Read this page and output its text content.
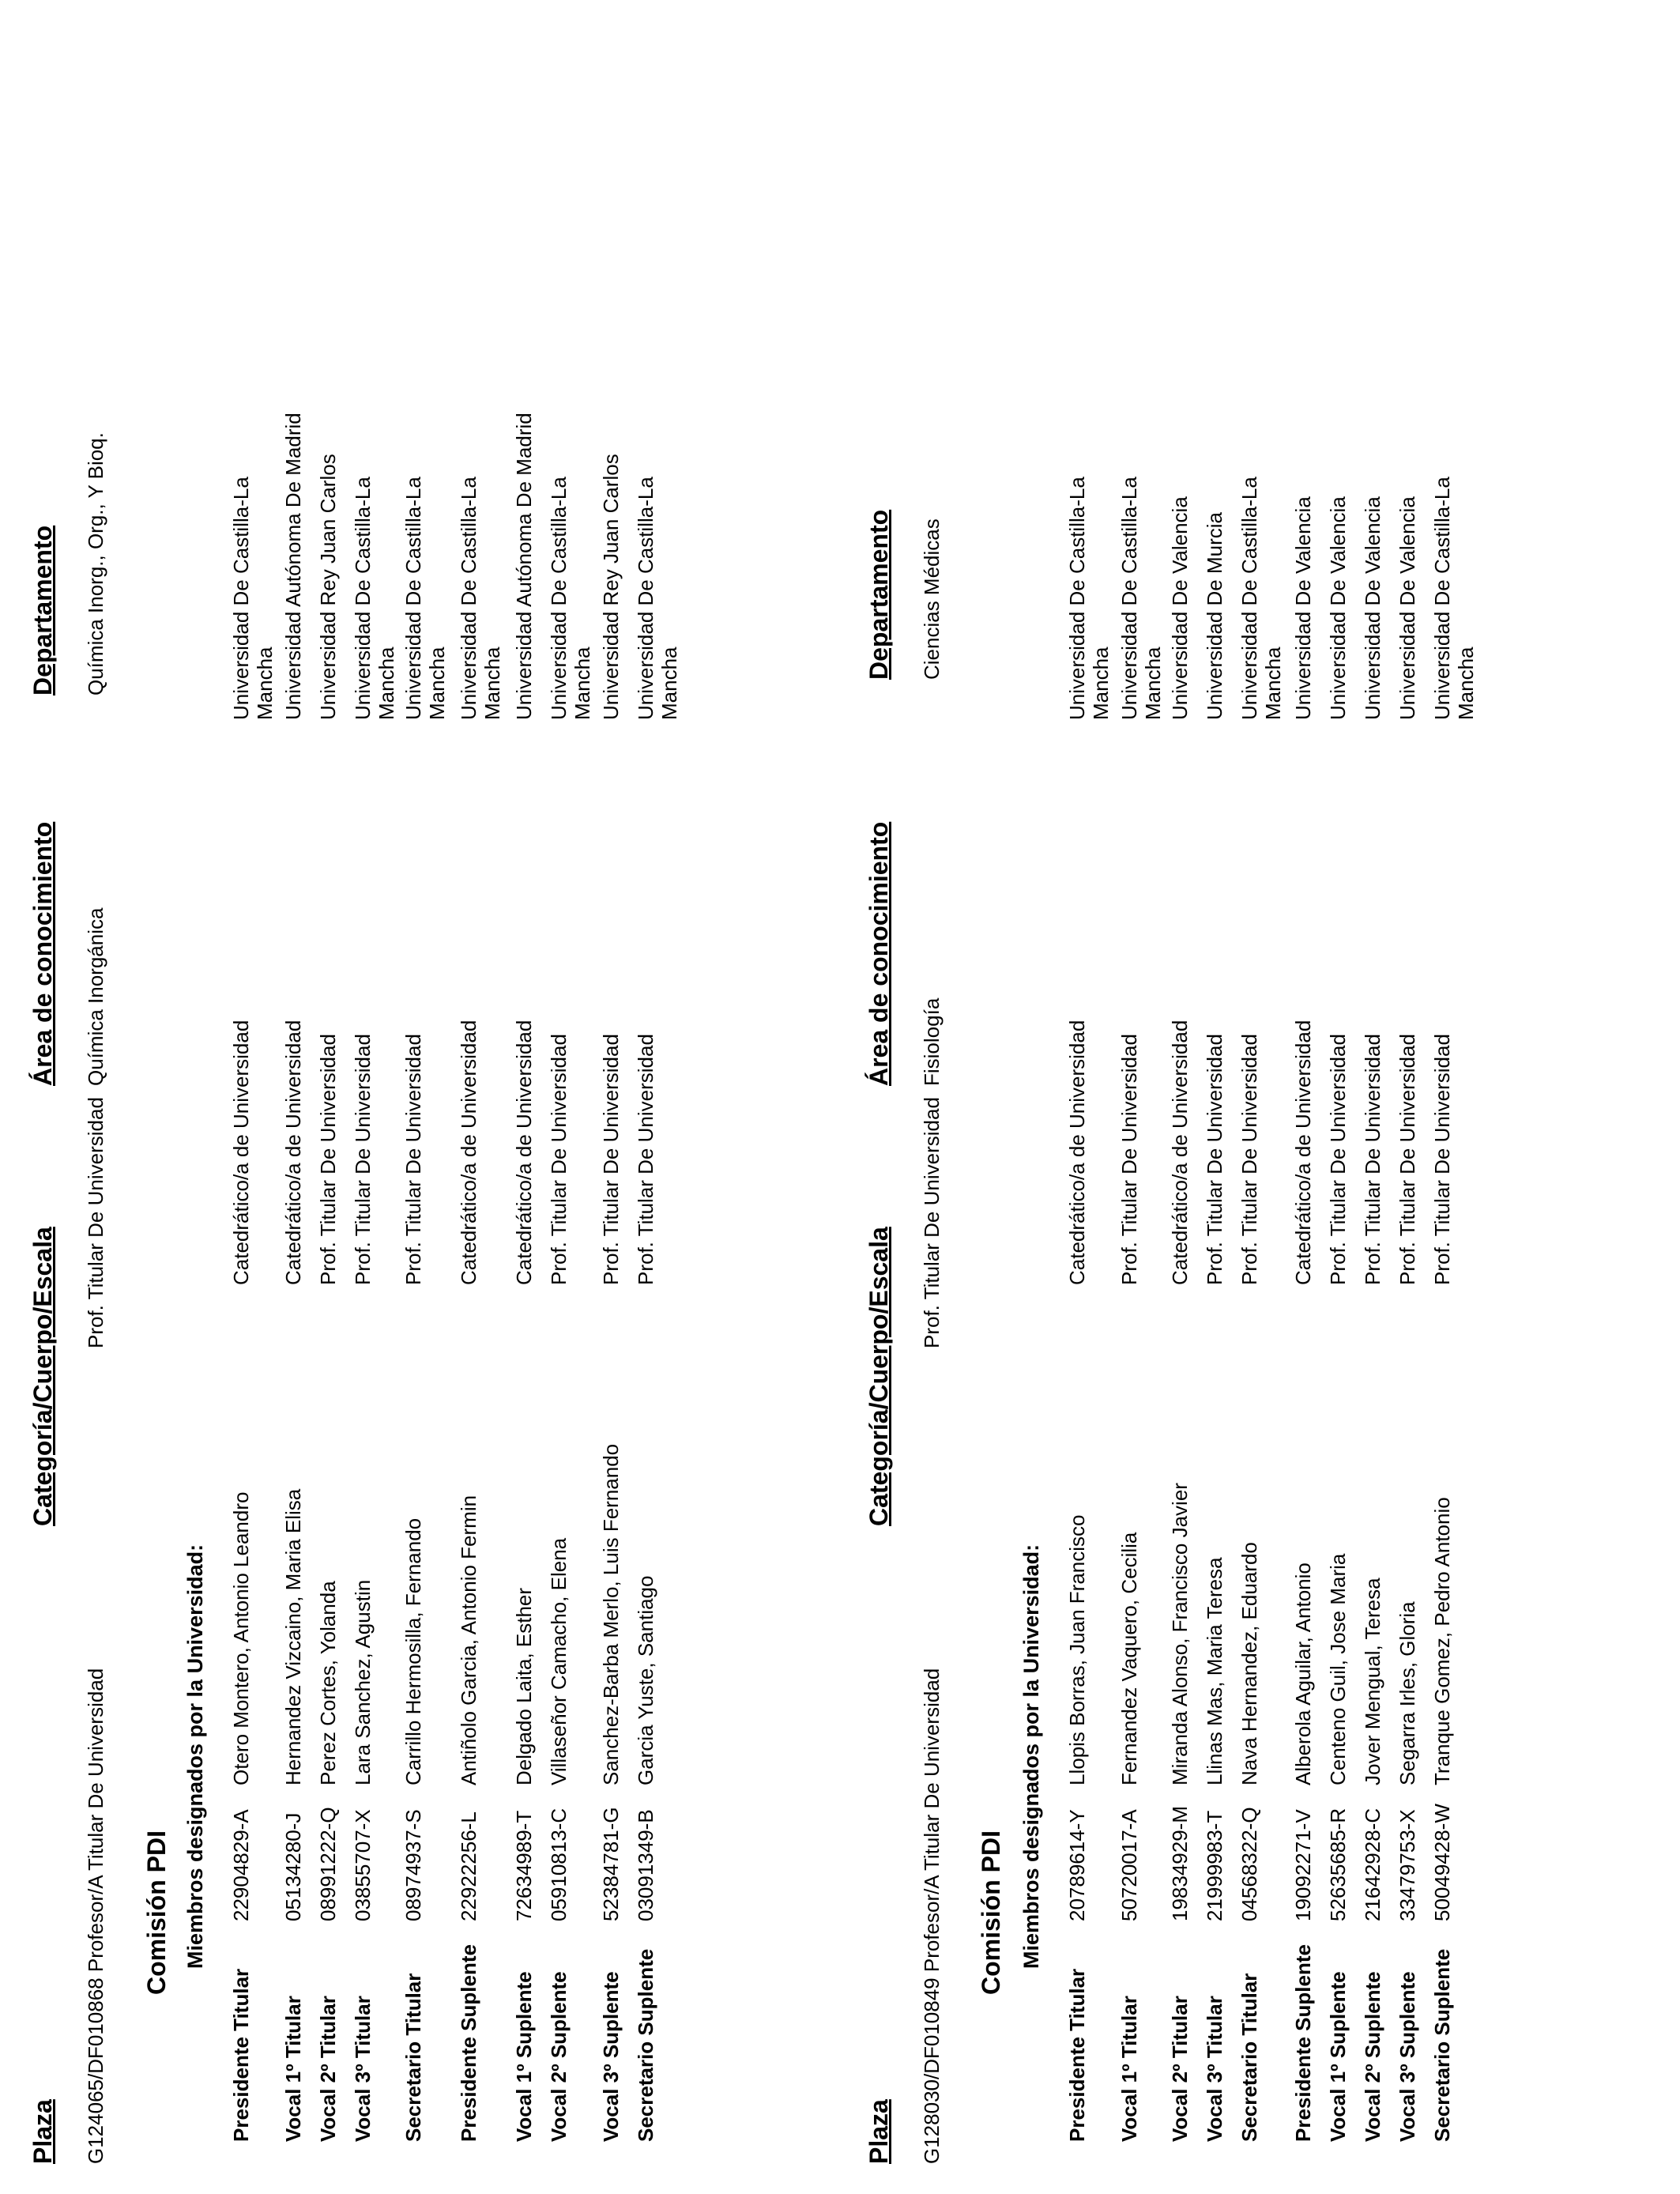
Plaza
Categoría/Cuerpo/Escala
Área de conocimiento
Departamento
G124065/DF010868 Profesor/A Titular De Universidad
Prof. Titular De Universidad
Química Inorgánica
Química Inorg., Org., Y Bioq.
Comisión PDI Miembros designados por la Universidad:
Presidente Titular
22904829-A
Otero Montero, Antonio Leandro
Catedrático/a de Universidad
Universidad De Castilla-La Mancha
Vocal 1º Titular
05134280-J
Hernandez Vizcaino, Maria Elisa
Catedrático/a de Universidad
Universidad Autónoma De Madrid
Vocal 2º Titular
08991222-Q
Perez Cortes, Yolanda
Prof. Titular De Universidad
Universidad Rey Juan Carlos
Vocal 3º Titular
03855707-X
Lara Sanchez, Agustin
Prof. Titular De Universidad
Universidad De Castilla-La Mancha
Secretario Titular
08974937-S
Carrillo Hermosilla, Fernando
Prof. Titular De Universidad
Universidad De Castilla-La Mancha
Presidente Suplente
22922256-L
Antiñolo Garcia, Antonio Fermin
Catedrático/a de Universidad
Universidad De Castilla-La Mancha
Vocal 1º Suplente
72634989-T
Delgado Laita, Esther
Catedrático/a de Universidad
Universidad Autónoma De Madrid
Vocal 2º Suplente
05910813-C
Villaseñor Camacho, Elena
Prof. Titular De Universidad
Universidad De Castilla-La Mancha
Vocal 3º Suplente
52384781-G
Sanchez-Barba Merlo, Luis Fernando
Prof. Titular De Universidad
Universidad Rey Juan Carlos
Secretario Suplente
03091349-B
Garcia Yuste, Santiago
Prof. Titular De Universidad
Universidad De Castilla-La Mancha
Plaza
Categoría/Cuerpo/Escala
Área de conocimiento
Departamento
G128030/DF010849 Profesor/A Titular De Universidad
Prof. Titular De Universidad
Fisiología
Ciencias Médicas
Comisión PDI Miembros designados por la Universidad:
Presidente Titular
20789614-Y
Llopis Borras, Juan Francisco
Catedrático/a de Universidad
Universidad De Castilla-La Mancha
Vocal 1º Titular
50720017-A
Fernandez Vaquero, Cecilia
Prof. Titular De Universidad
Universidad De Castilla-La Mancha
Vocal 2º Titular
19834929-M
Miranda Alonso, Francisco Javier
Catedrático/a de Universidad
Universidad De Valencia
Vocal 3º Titular
21999983-T
Llinas Mas, Maria Teresa
Prof. Titular De Universidad
Universidad De Murcia
Secretario Titular
04568322-Q
Nava Hernandez, Eduardo
Prof. Titular De Universidad
Universidad De Castilla-La Mancha
Presidente Suplente
19092271-V
Alberola Aguilar, Antonio
Catedrático/a de Universidad
Universidad De Valencia
Vocal 1º Suplente
52635685-R
Centeno Guil, Jose Maria
Prof. Titular De Universidad
Universidad De Valencia
Vocal 2º Suplente
21642928-C
Jover Mengual, Teresa
Prof. Titular De Universidad
Universidad De Valencia
Vocal 3º Suplente
33479753-X
Segarra Irles, Gloria
Prof. Titular De Universidad
Universidad De Valencia
Secretario Suplente
50049428-W
Tranque Gomez, Pedro Antonio
Prof. Titular De Universidad
Universidad De Castilla-La Mancha
